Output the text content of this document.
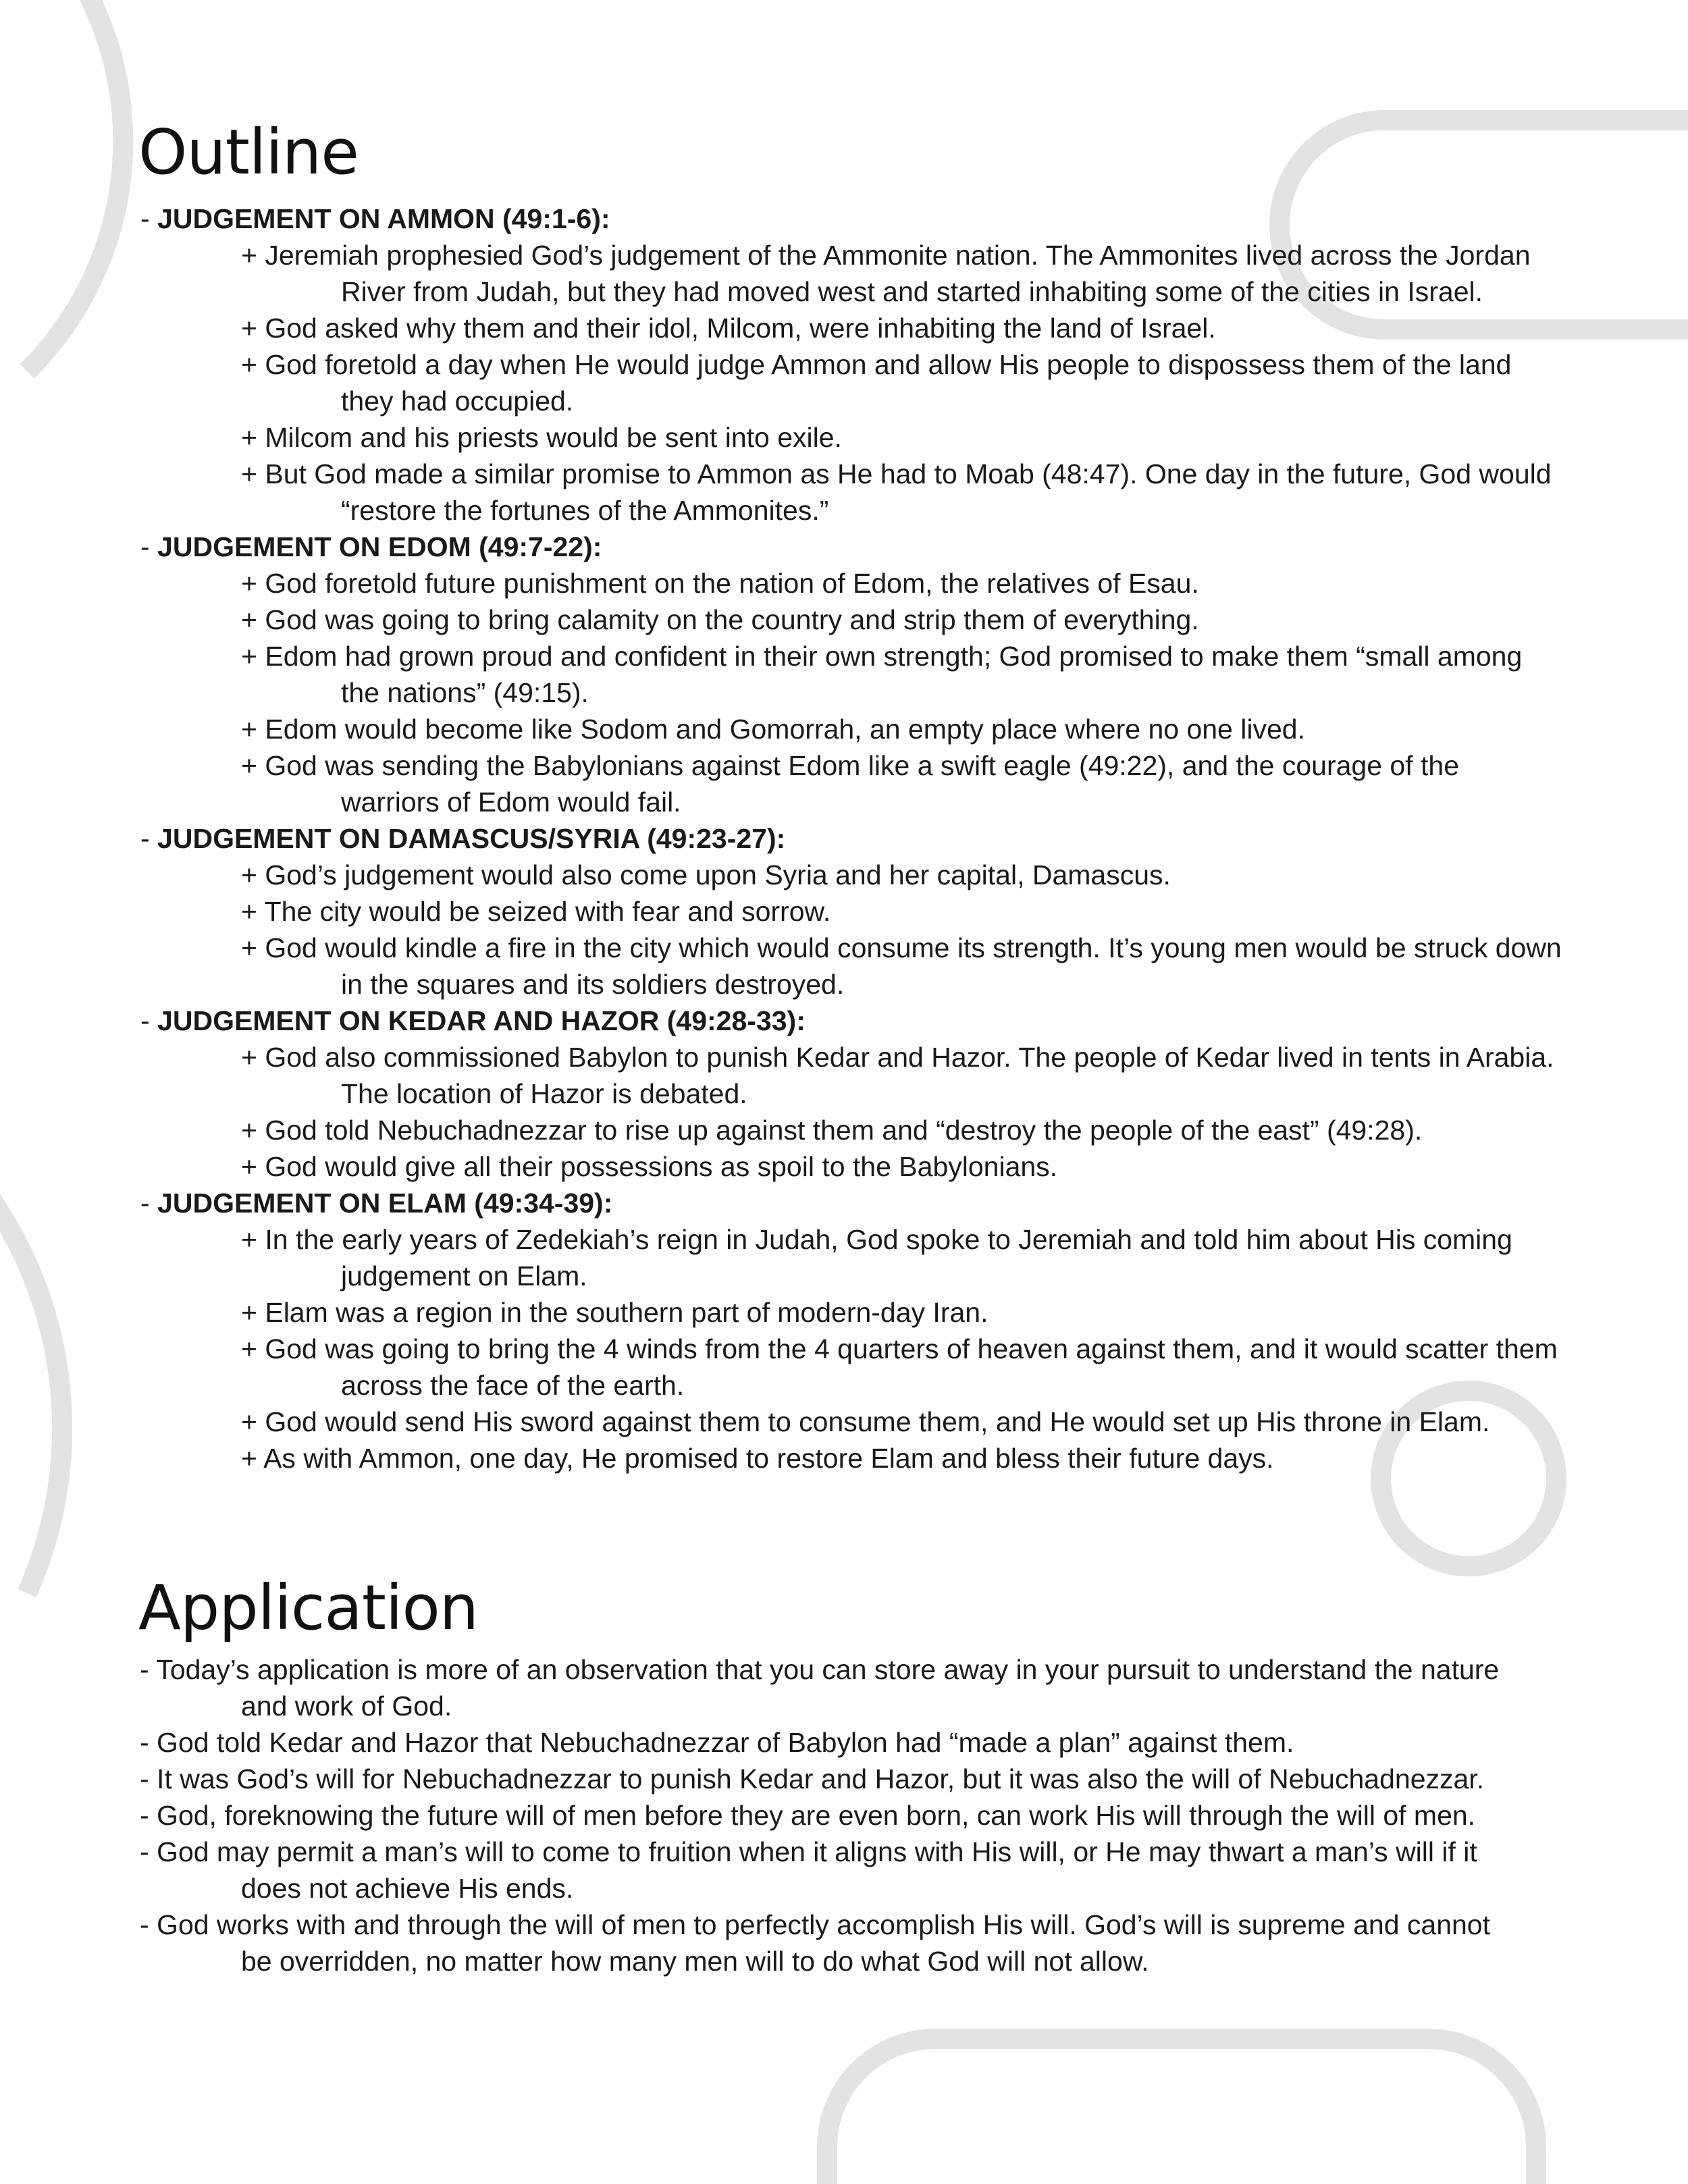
Outline

- JUDGEMENT ON AMMON (49:1-6):

+ Jeremiah prophesied God’s judgement of the Ammonite nation. The Ammonites lived across the Jordan River from Judah, but they had moved west and started inhabiting some of the cities in Israel.

+ God asked why them and their idol, Milcom, were inhabiting the land of Israel.

+ God foretold a day when He would judge Ammon and allow His people to dispossess them of the land they had occupied.

+ Milcom and his priests would be sent into exile.

+ But God made a similar promise to Ammon as He had to Moab (48:47). One day in the future, God would “restore the fortunes of the Ammonites.”

- JUDGEMENT ON EDOM (49:7-22):

+ God foretold future punishment on the nation of Edom, the relatives of Esau.

+ God was going to bring calamity on the country and strip them of everything.

+ Edom had grown proud and confident in their own strength; God promised to make them “small among the nations” (49:15).

+ Edom would become like Sodom and Gomorrah, an empty place where no one lived.

+ God was sending the Babylonians against Edom like a swift eagle (49:22), and the courage of the warriors of Edom would fail.

- JUDGEMENT ON DAMASCUS/SYRIA (49:23-27):

+ God’s judgement would also come upon Syria and her capital, Damascus.

+ The city would be seized with fear and sorrow.

+ God would kindle a fire in the city which would consume its strength. It’s young men would be struck down in the squares and its soldiers destroyed.

- JUDGEMENT ON KEDAR AND HAZOR (49:28-33):

+ God also commissioned Babylon to punish Kedar and Hazor. The people of Kedar lived in tents in Arabia. The location of Hazor is debated.

+ God told Nebuchadnezzar to rise up against them and “destroy the people of the east” (49:28).

+ God would give all their possessions as spoil to the Babylonians.

- JUDGEMENT ON ELAM (49:34-39):

+ In the early years of Zedekiah’s reign in Judah, God spoke to Jeremiah and told him about His coming judgement on Elam.

+ Elam was a region in the southern part of modern-day Iran.

+ God was going to bring the 4 winds from the 4 quarters of heaven against them, and it would scatter them across the face of the earth.

+ God would send His sword against them to consume them, and He would set up His throne in Elam.

+ As with Ammon, one day, He promised to restore Elam and bless their future days.

Application

- Today’s application is more of an observation that you can store away in your pursuit to understand the nature and work of God.

- God told Kedar and Hazor that Nebuchadnezzar of Babylon had “made a plan” against them.

- It was God’s will for Nebuchadnezzar to punish Kedar and Hazor, but it was also the will of Nebuchadnezzar.

- God, foreknowing the future will of men before they are even born, can work His will through the will of men.

- God may permit a man’s will to come to fruition when it aligns with His will, or He may thwart a man’s will if it does not achieve His ends.

- God works with and through the will of men to perfectly accomplish His will. God’s will is supreme and cannot be overridden, no matter how many men will to do what God will not allow.
